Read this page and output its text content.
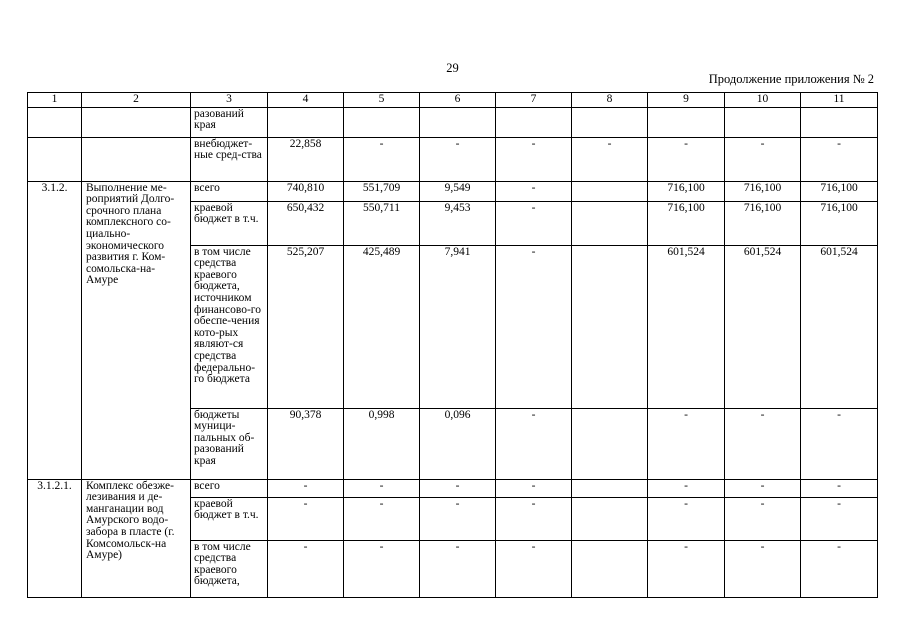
29
Продолжение приложения № 2
1	2	3	4	5	6	7	8	9	10	11
		разований края								
		внебюджет-ные сред-ства	22,858	-	-	-	-	-	-	-
3.1.2.	Выполнение ме-роприятий Долго-срочного плана комплексного со-циально-экономического развития г. Ком-сомольска-на-Амуре	всего	740,810	551,709	9,549	-		716,100	716,100	716,100
		краевой бюджет в т.ч.	650,432	550,711	9,453	-		716,100	716,100	716,100
		в том числе средства краевого бюджета, источником финансово-го обеспе-чения кото-рых являют-ся средства федерально-го бюджета	525,207	425,489	7,941	-		601,524	601,524	601,524
		бюджеты муници-пальных об-разований края	90,378	0,998	0,096	-		-	-	-
3.1.2.1.	Комплекс обезже-лезивания и де-манганации вод Амурского водо-забора в пласте (г. Комсомольск-на Амуре)	всего	-	-	-	-		-	-	-
		краевой бюджет в т.ч.	-	-	-	-		-	-	-
		в том числе средства краевого бюджета,	-	-	-	-		-	-	-
